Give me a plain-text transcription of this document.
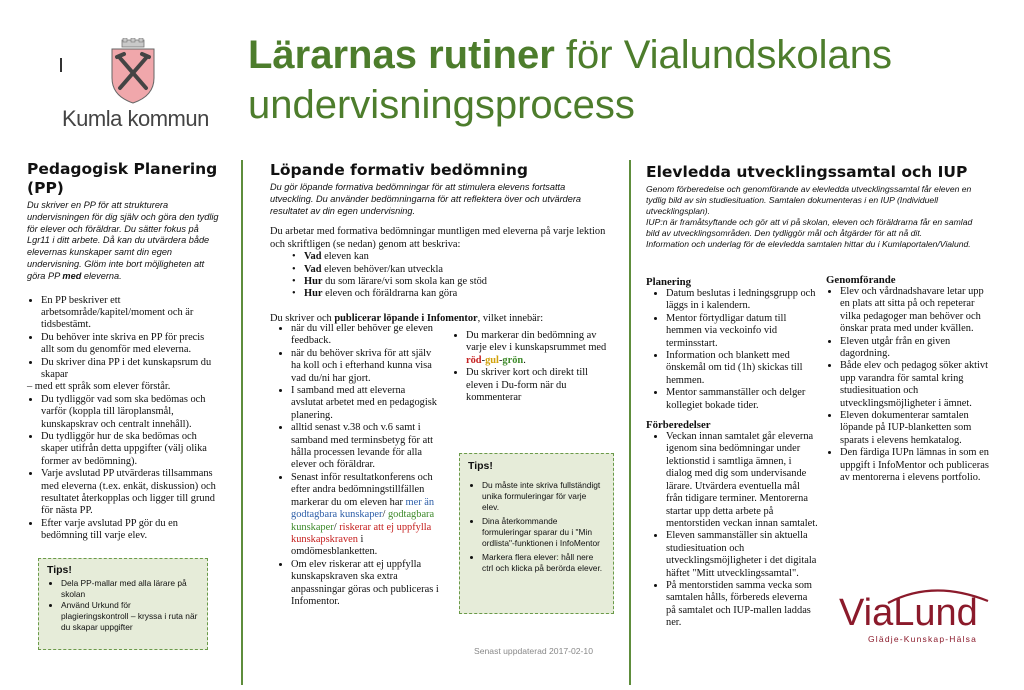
Kumla kommun
Lärarnas rutiner för Vialundskolans
undervisningsprocess
Pedagogisk Planering (PP)
Du skriver en PP för att strukturera undervisningen för dig själv och göra den tydlig för elever och föräldrar. Du sätter fokus på Lgr11 i ditt arbete. Då kan du utvärdera både elevernas kunskaper samt din egen undervisning. Glöm inte bort möjligheten att göra PP med eleverna.
• En PP beskriver ett arbetsområde/kapitel/moment och är tidsbestämt.
• Du behöver inte skriva en PP för precis allt som du genomför med eleverna.
• Du skriver dina PP i det kunskapsrum du skapar
– med ett språk som elever förstår.
• Du tydliggör vad som ska bedömas och varför (koppla till läroplansmål, kunskapskrav och centralt innehåll).
• Du tydliggör hur de ska bedömas och skaper utifrån detta uppgifter (välj olika former av bedömning).
• Varje avslutad PP utvärderas tillsammans med eleverna (t.ex. enkät, diskussion) och resultatet återkopplas och ligger till grund för nästa PP.
• Efter varje avslutad PP gör du en bedömning till varje elev.
Tips!
• Dela PP-mallar med alla lärare på skolan
• Använd Urkund för plagieringskontroll – kryssa i ruta när du skapar uppgifter
Löpande formativ bedömning
Du gör löpande formativa bedömningar för att stimulera elevens fortsatta utveckling. Du använder bedömningarna för att reflektera över och utvärdera resultatet av din egen undervisning.
Du arbetar med formativa bedömningar muntligen med eleverna på varje lektion och skriftligen (se nedan) genom att beskriva:
• Vad eleven kan
• Vad eleven behöver/kan utveckla
• Hur du som lärare/vi som skola kan ge stöd
• Hur eleven och föräldrarna kan göra
Du skriver och publicerar löpande i Infomentor, vilket innebär:
• när du vill eller behöver ge eleven feedback.
• när du behöver skriva för att själv ha koll och i efterhand kunna visa vad du/ni har gjort.
• I samband med att eleverna avslutat arbetet med en pedagogisk planering.
• alltid senast v.38 och v.6 samt i samband med terminsbetyg för att hålla processen levande för alla elever och föräldrar.
• Senast inför resultatkonferens och efter andra bedömningstillfällen markerar du om eleven har mer än godtagbara kunskaper/ godtagbara kunskaper/ riskerar att ej uppfylla kunskapskraven i omdömesblanketten.
• Om elev riskerar att ej uppfylla kunskapskraven ska extra anpassningar göras och publiceras i Infomentor.
• Du markerar din bedömning av varje elev i kunskapsrummet med röd-gul-grön.
• Du skriver kort och direkt till eleven i Du-form när du kommenterar
Tips!
• Du måste inte skriva fullständigt unika formuleringar för varje elev.
• Dina återkommande formuleringar sparar du i "Min ordlista"-funktionen i InfoMentor
• Markera flera elever: håll nere ctrl och klicka på berörda elever.
Senast uppdaterad 2017-02-10
Elevledda utvecklingssamtal och IUP
Genom förberedelse och genomförande av elevledda utvecklingssamtal får eleven en tydlig bild av sin studiesituation. Samtalen dokumenteras i en IUP (Individuell utvecklingsplan).
IUP:n är framåtsyftande och gör att vi på skolan, eleven och föräldrarna får en samlad bild av utvecklingsområden. Den tydliggör mål och åtgärder för att nå dit.
Information och underlag för de elevledda samtalen hittar du i Kumlaportalen/Vialund.
Planering
• Datum beslutas i ledningsgrupp och läggs in i kalendern.
• Mentor förtydligar datum till hemmen via veckoinfo vid terminsstart.
• Information och blankett med önskemål om tid (1h) skickas till hemmen.
• Mentor sammanställer och delger kollegiet bokade tider.
Förberedelser
• Veckan innan samtalet går eleverna igenom sina bedömningar under lektionstid i samtliga ämnen, i dialog med dig som undervisande lärare. Utvärdera eventuella mål från tidigare terminer. Mentorerna startar upp detta arbete på mentorstiden veckan innan samtalet.
• Eleven sammanställer sin aktuella studiesituation och utvecklingsmöjligheter i det digitala häftet "Mitt utvecklingssamtal".
• På mentorstiden samma vecka som samtalen hålls, förbereds eleverna på samtalet och IUP-mallen laddas ner.
Genomförande
• Elev och vårdnadshavare letar upp en plats att sitta på och repeterar vilka pedagoger man behöver och önskar prata med under kvällen.
• Eleven utgår från en given dagordning.
• Både elev och pedagog söker aktivt upp varandra för samtal kring studiesituation och utvecklingsmöjligheter i ämnet.
• Eleven dokumenterar samtalen löpande på IUP-blanketten som sparats i elevens hemkatalog.
• Den färdiga IUPn lämnas in som en uppgift i InfoMentor och publiceras av mentorerna i elevens portfolio.
ViaLund
Glädje-Kunskap-Hälsa
